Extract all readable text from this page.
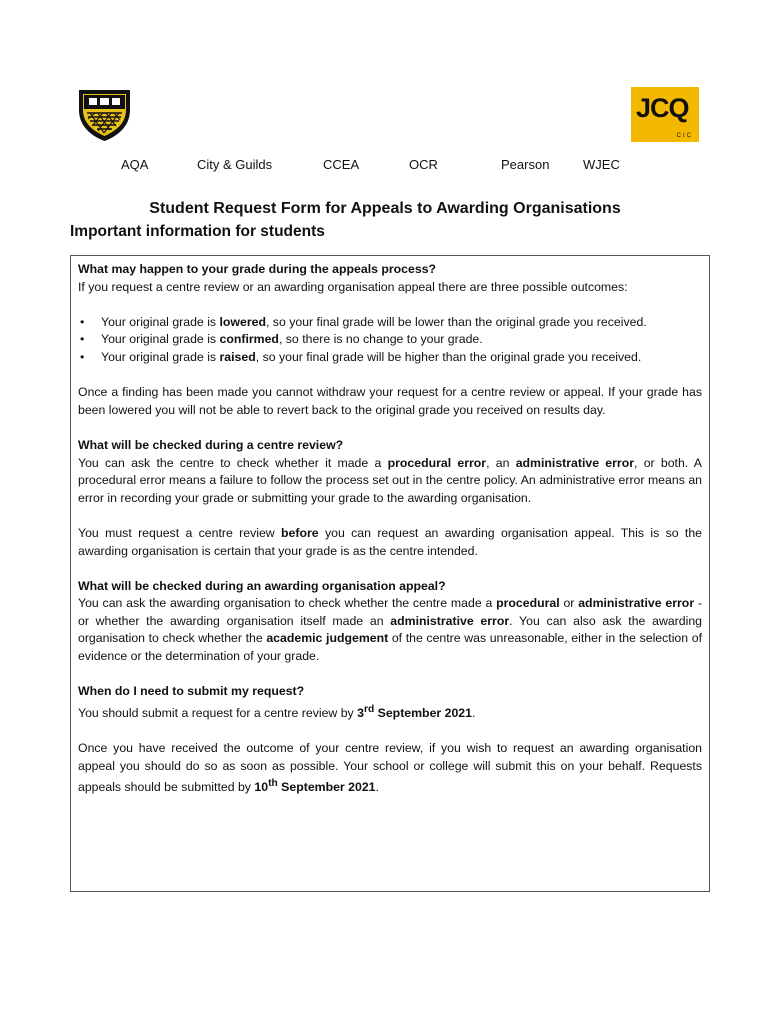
JCQ
CIC
AQA	City & Guilds	CCEA	OCR	Pearson	WJEC
Student Request Form for Appeals to Awarding Organisations
Important information for students

What may happen to your grade during the appeals process?

If you request a centre review or an awarding organisation appeal there are three possible outcomes:

• Your original grade is lowered, so your final grade will be lower than the original grade you received.
• Your original grade is confirmed, so there is no change to your grade.
• Your original grade is raised, so your final grade will be higher than the original grade you received.

Once a finding has been made you cannot withdraw your request for a centre review or appeal. If your grade has been lowered you will not be able to revert back to the original grade you received on results day.

What will be checked during a centre review?

You can ask the centre to check whether it made a procedural error, an administrative error, or both. A procedural error means a failure to follow the process set out in the centre policy. An administrative error means an error in recording your grade or submitting your grade to the awarding organisation.

You must request a centre review before you can request an awarding organisation appeal. This is so the awarding organisation is certain that your grade is as the centre intended.

What will be checked during an awarding organisation appeal?

You can ask the awarding organisation to check whether the centre made a procedural or administrative error - or whether the awarding organisation itself made an administrative error. You can also ask the awarding organisation to check whether the academic judgement of the centre was unreasonable, either in the selection of evidence or the determination of your grade.

When do I need to submit my request?

You should submit a request for a centre review by 3rd September 2021.

Once you have received the outcome of your centre review, if you wish to request an awarding organisation appeal you should do so as soon as possible. Your school or college will submit this on your behalf. Requests appeals should be submitted by 10th September 2021.
